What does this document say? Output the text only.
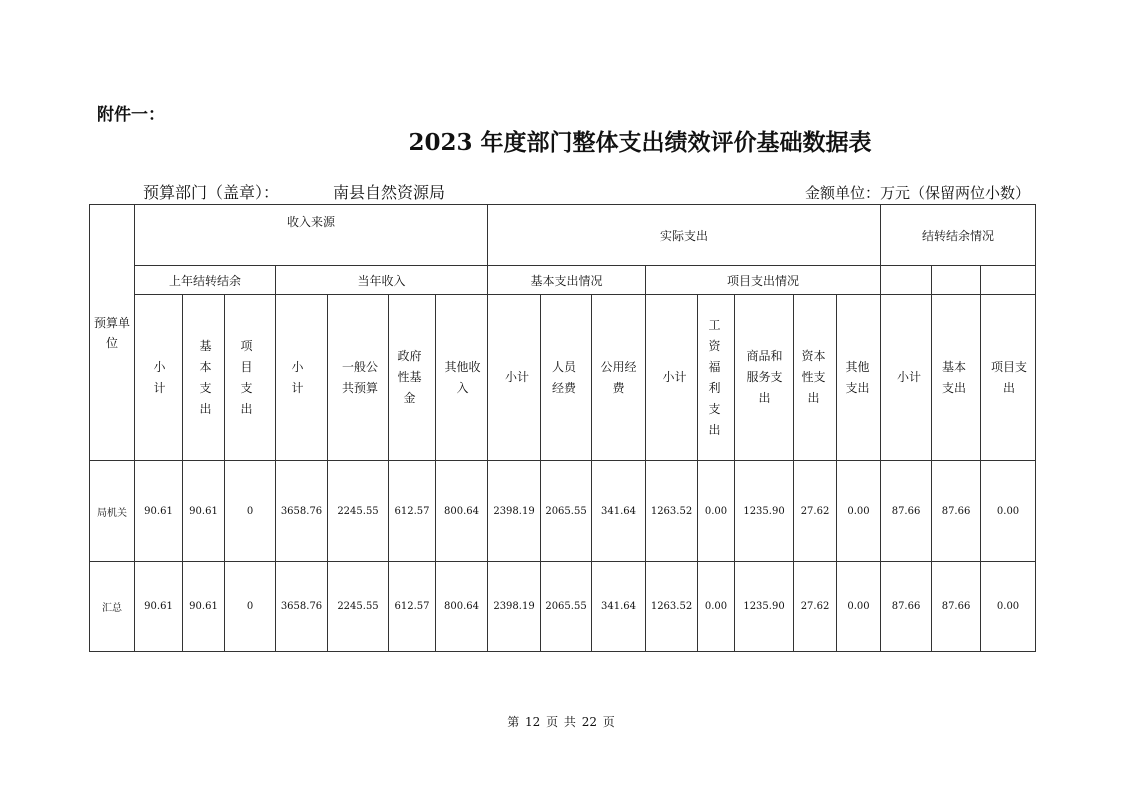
附件一：
2023 年度部门整体支出绩效评价基础数据表
预算部门（盖章）：	南县自然资源局	金额单位：万元（保留两位小数）
预算单位	收入来源							实际支出								结转结余情况		
	上年结转结余			当年收入				基本支出情况			项目支出情况							
	小计	基本支出	项目支出	小计	一般公共预算	政府性基金	其他收入	小计	人员经费	公用经费	小计	工资福利支出	商品和服务支出	资本性支出	其他支出	小计	基本支出	项目支出
局机关	90.61	90.61	0	3658.76	2245.55	612.57	800.64	2398.19	2065.55	341.64	1263.52	0.00	1235.90	27.62	0.00	87.66	87.66	0.00
汇总	90.61	90.61	0	3658.76	2245.55	612.57	800.64	2398.19	2065.55	341.64	1263.52	0.00	1235.90	27.62	0.00	87.66	87.66	0.00
第 12 页 共 22 页
